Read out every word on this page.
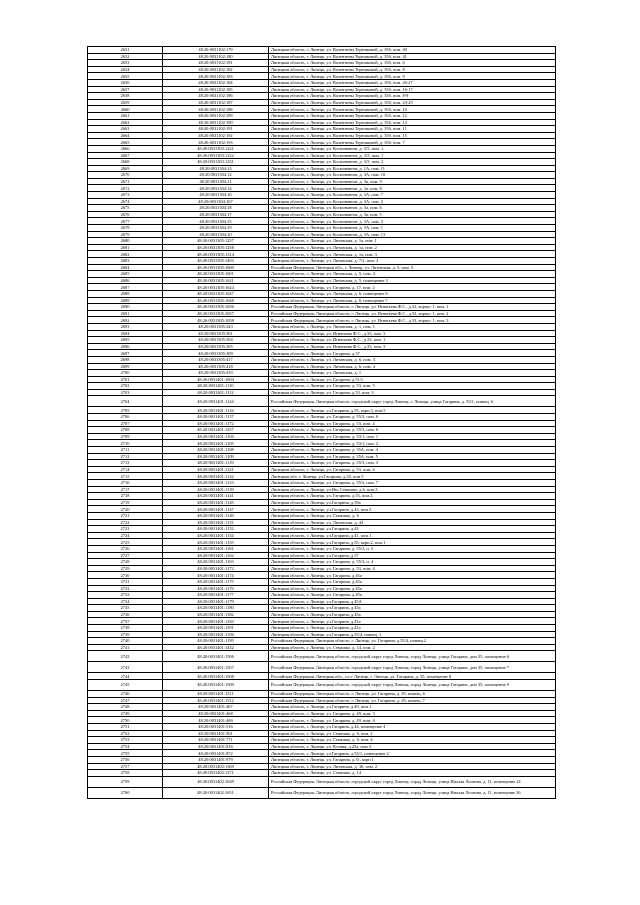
2651	48:20:0031102:179	Липецкая область, г. Липецк, ул. Валентины Терешковой, д. 35б, пом. 40
2652	48:20:0031102:180	Липецкая область, г. Липецк, ул. Валентины Терешковой, д. 35б, пом. 41
2653	48:20:0031102:181	Липецкая область, г. Липецк, ул. Валентины Терешковой, д. 35б, пом. 6
2654	48:20:0031102:182	Липецкая область, г. Липецк, ул. Валентины Терешковой, д. 35б, пом. 8
2655	48:20:0031102:183	Липецкая область, г. Липецк, ул. Валентины Терешковой, д. 35б, пом. 9
2656	48:20:0031102:184	Липецкая область, г. Липецк, ул. Валентины Терешковой, д. 35б, пом. 26-27
2657	48:20:0031102:185	Липецкая область, г. Липецк, ул. Валентины Терешковой, д. 35б, пом. 16-17
2658	48:20:0031102:186	Липецкая область, г. Липецк, ул. Валентины Терешковой, д. 35б, пом. 8-9
2659	48:20:0031102:187	Липецкая область, г. Липецк, ул. Валентины Терешковой, д. 35б, пом. 23-25
2660	48:20:0031102:188	Липецкая область, г. Липецк, ул. Валентины Терешковой, д. 35б, пом. 10
2661	48:20:0031102:189	Липецкая область, г. Липецк, ул. Валентины Терешковой, д. 35б, пом. 12
2662	48:20:0031102:190	Липецкая область, г. Липецк, ул. Валентины Терешковой, д. 35б, пом. 13
2663	48:20:0031102:191	Липецкая область, г. Липецк, ул. Валентины Терешковой, д. 35б, пом. 11
2664	48:20:0031102:192	Липецкая область, г. Липецк, ул. Валентины Терешковой, д. 35б, пом. 15
2665	48:20:0031102:193	Липецкая область, г. Липецк, ул. Валентины Терешковой, д. 35б, пом. 7
2666	48:20:0031303:1221	Липецкая область, г. Липецк, ул. Космонавтов, д. 3/5, пом. 1
2667	48:20:0031303:1222	Липецкая область, г. Липецк, ул. Космонавтов, д. 3/5, пом. 1
2668	48:20:0031303:1231	Липецкая область, г. Липецк, ул. Космонавтов, д. 3/5, пом. 2
2669	48:20:0031304:13	Липецкая область, г. Липецк, ул. Космонавтов, д. 1А, пом. 11
2670	48:20:0031304:12	Липецкая область, г. Липецк, ул. Космонавтов, д. 3А, пом. 10
2671	48:20:0031304:11	Липецкая область, г. Липецк, ул. Космонавтов, д. 3а, пом. 9
2672	48:20:0031304:14	Липецкая область, г. Липецк, ул. Космонавтов, д. 3а, пом. 8
2673	48:20:0031304:16	Липецкая область, г. Липецк, ул. Космонавтов, д. 3А, пом. 7
2674	48:20:0031304:167	Липецкая область, г. Липецк, ул. Космонавтов, д. 3А, пом. 2
2675	48:20:0031304:18	Липецкая область, г. Липецк, ул. Космонавтов, д. 3а, пом. 6
2676	48:20:0031304:17	Липецкая область, г. Липецк, ул. Космонавтов, д. 3а, пом. 5
2677	48:20:0031304:15	Липецкая область, г. Липецк, ул. Космонавтов, д. 3А, пом. 3
2678	48:20:0031304:19	Липецкая область, г. Липецк, ул. Космонавтов, д. 3А, пом. 1
2679	48:20:0031304:10	Липецкая область, г. Липецк, ул. Космонавтов, д. 3А, пом. 13
2680	48:20:0031305:1257	Липецкая область, г. Липецк, ул. Литовская, д. 1а, пом. 1
2681	48:20:0031305:1258	Липецкая область, г. Липецк, ул. Литовская, д. 1а, пом. 2
2682	48:20:0031305:1314	Липецкая область, г. Липецк, ул. Литовская, д. 1а, пом. 3
2683	48:20:0031305:1493	Липецкая область, г. Липецк, ул. Литовская, д. 7/2, пом. 2
2684	48:20:0031305:1600	Российская Федерация, Липецкая обл., г. Липецк, ул. Литовская, д. 5, пом. 5
2685	48:20:0031305:1601	Липецкая область, г. Липецк, ул. Литовская, д. 5, пом. 4
2686	48:20:0031305:1621	Липецкая область, г. Липецк, ул. Литовская, д. 5, помещение 3
2687	48:20:0031305:1624	Липецкая область, г. Липецк, ул. Гагарина, д. 17, пом. 2
2688	48:20:0031305:1647	Липецкая область, г. Липецк, ул. Литовская, д. 6, помещение 6
2689	48:20:0031305:1648	Липецкая область, г. Липецк, ул. Литовская, д. 6, помещение 7
2690	48:20:0031305:1656	Российская Федерация, Липецкая область, г. Липецк, ул. Игнатьева Ф.С., д.33, корпус 1, пом. 1
2691	48:20:0031305:1657	Российская Федерация, Липецкая область, г. Липецк, ул. Игнатьева Ф.С., д.33, корпус 1, пом. 2
2692	48:20:0031305:1658	Российская Федерация, Липецкая область, г. Липецк, ул. Игнатьева Ф.С., д.33, корпус 1, пом. 3
2693	48:20:0031305:243	Липецкая область, г. Липецк, ул. Литовская, д. 1, пом. 1
2694	48:20:0031305:301	Липецкая область, г. Липецк, ул. Игнатьева Ф.С., д.33, пом. 3
2695	48:20:0031305:304	Липецкая область, г. Липецк, ул. Игнатьева Ф.С., д.33, пом. 1
2696	48:20:0031305:305	Липецкая область, г. Липецк, ул. Игнатьева Ф.С., д.33, пом. 3
2697	48:20:0031305:309	Липецкая область, г. Липецк, ул. Гагарина, д.37
2698	48:20:0031305:417	Липецкая область, г. Липецк, ул. Литовская, д. 6, пом. 3
2699	48:20:0031305:418	Липецкая область, г. Липецк, ул. Литовская, д. 6, пом. 4
2700	48:20:0031305:419	Липецкая область, г. Липецк, ул. Литовская, д. 1
2701	48:20:0031401:1004	Липецкая область, г. Липецк, ул. Гагарина, д.51/1
2702	48:20:0031401:1110	Липецкая область, г. Липецк, ул. Гагарина, д. 53, пом. 5
2703	48:20:0031401:1112	Липецкая область, г. Липецк, ул. Гагарина, д.53, пом. 3
2704	48:20:0031401:1124	Российская Федерация, Липецкая область, городской округ город Липецк, г. Липецк, улица Гагарина, д. 55/1, помещ. 6
2705	48:20:0031401:1134	Липецкая область, г. Липецк, ул.Гагарина, д.55, корп.3, пом.5
2706	48:20:0031401:1157	Липецкая область, г. Липецк, ул. Гагарина, д. 55/3, пом. 6
2707	48:20:0031401:1172	Липецкая область, г. Липецк, ул. Гагарина, д. 53, пом. 4
2708	48:20:0031401:1257	Липецкая область, г. Липецк, ул. Гагарина, д. 55/3, пом. 6
2709	48:20:0031401:1104	Липецкая область, г. Липецк, ул. Гагарина, д. 53/1, пом. 1
2710	48:20:0031401:1105	Липецкая область, г. Липецк, ул. Гагарина, д. 53/1, пом. 2
2711	48:20:0031401:1108	Липецкая область, г. Липецк, ул. Гагарина, д. 35А, пом. 4
2712	48:20:0031401:1109	Липецкая область, г. Липецк, ул. Гагарина, д. 35А, пом. 5
2713	48:20:0031401:1119	Липецкая область, г. Липецк, ул. Гагарина, д. 55/3, пом. 3
2714	48:20:0031401:1121	Липецкая область, г. Липецк, ул. Гагарина, д. 53, пом. 4
2715	48:20:0031401:1122	Липецкая обл. г. Липецк, ул.Гагарина, д.35, пом.5
2716	48:20:0031401:1123	Липецкая область, г. Липецк, ул. Гагарина, д. 55/3, пом. 7
2717	48:20:0031401:1139	Липецкая область, г. Липецк, ул.Им. Семашко, д.6, пом.3
2718	48:20:0031401:1141	Липецкая область, г. Липецк, ул. Гагарина, д.53, пом.2
2719	48:20:0031401:1145	Липецкая область, г. Липецк, ул.Гагарина, д.59а
2720	48:20:0031401:1147	Липецкая область, г. Липецк, ул.Гагарина, д.43, пом.5
2721	48:20:0031401:1149	Липецкая область, г. Липецк, ул. Семашко, д. 6
2722	48:20:0031401:1151	Липецкая область, г. Липецк, ул. Литовская, д. 44
2723	48:20:0031401:1152	Липецкая область, г. Липецк, ул.Гагарина, д.43
2724	48:20:0031401:1154	Липецкая область, г. Липецк, ул.Гагарина, д.41, пом.1
2725	48:20:0031401:1155	Липецкая область, г. Липецк, ул.Гагарина, д.55, корп.2, пом.1
2726	48:20:0031401:1161	Липецкая область, г. Липецк, ул. Гагарина, д. 55/3, п. 5
2727	48:20:0031401:1162	Липецкая область, г. Липецк, ул.Гагарина, д.57
2728	48:20:0031401:1163	Липецкая область, г. Липецк, ул. Гагарина, д. 55/3, п. 4
2729	48:20:0031401:1172	Липецкая область, г. Липецк, ул. Гагарина, д. 53, пом. 4
2730	48:20:0031401:1174	Липецкая область, г. Липецк, ул. Гагарина, д.45а
2731	48:20:0031401:1175	Липецкая область, г. Липецк, ул. Гагарина, д.45а
2732	48:20:0031401:1176	Липецкая область, г. Липецк, ул. Гагарина, д.45а
2733	48:20:0031401:1177	Липецкая область, г. Липецк, ул. Гагарина, д.45а
2734	48:20:0031401:1179	Липецкая область, г. Липецк, ул.Гагарина, д.45А
2735	48:20:0031401:1180	Липецкая область, г. Липецк, ул.Гагарина, д.45а
2736	48:20:0031401:1182	Липецкая область, г. Липецк, ул.Гагарина, д.45а
2737	48:20:0031401:1183	Липецкая область, г. Липецк, ул.Гагарина, д.41а
2738	48:20:0031401:1191	Липецкая область, г. Липецк, ул.Гагарина, д.41а
2739	48:20:0031401:1194	Липецкая область, г. Липецк, ул.Гагарина, д.55/4, помещ. 1
2740	48:20:0031401:1195	Российская Федерация, Липецкая область, г. Липецк, ул. Гагарина, д.55/4, помещ.2
2741	48:20:0031401:1432	Липецкая область, г. Липецк, ул. Семашко, д. 14, пом. 2
2742	48:20:0031401:1506	Российская Федерация, Липецкая область, городской округ город Липецк, город Липецк, улица Гагарина, дом 35, помещение 6
2743	48:20:0031401:1507	Российская Федерация, Липецкая область, городской округ город Липецк, город Липецк, улица Гагарина, дом 35, помещение 7
2744	48:20:0031401:1508	Российская Федерация, Липецкая обл., г.о.г. Липецк, г. Липецк, ул. Гагарина, д. 35, помещение 8
2745	48:20:0031401:1509	Российская Федерация, Липецкая область, городской округ город Липецк, город Липецк, улица Гагарина, дом 35, помещение 9
2746	48:20:0031401:1511	Российская Федерация, Липецкая область, г. Липецк, ул. Гагарина, д. 45, помещ. 6
2747	48:20:0031401:1512	Российская Федерация, Липецкая область, г. Липецк, ул. Гагарина, д. 45, помещ. 7
2748	48:20:0031401:467	Липецкая область, г. Липецк, ул.Гагарина, д.49, пом.1
2749	48:20:0031401:468	Липецкая область, г. Липецк, ул. Гагарина, д. 49, пом. 3
2750	48:20:0031401:469	Липецкая область, г. Липецк, ул. Гагарина, д. 49, пом. 4
2751	48:20:0031401:516	Липецкая область, г. Липецк, ул.Гагарина, д.44, помещение 4
2752	48:20:0031401:561	Липецкая область, г. Липецк, ул. Семашко, д. 6, пом. 2
2753	48:20:0031401:771	Липецкая область, г. Липецк, ул. Семашко, д. 6, пом. 4
2754	48:20:0031401:816	Липецкая область, г. Липецк, ул. Ксения, д.25а, пом.3
2755	48:20:0031401:872	Липецкая область, г. Липецк, ул.Гагарина, д.53/1, помещение 2
2756	48:20:0031401:979	Липецкая область, г. Липецк, ул. Гагарина, д.51, корп.1
2757	48:20:0031402:1369	Липецкая область, г. Липецк, ул. Литовская, д. 36, пом. 2
2758	48:20:0031402:1371	Липецкая область, г. Липецк, ул. Семашко, д. 14
2759	48:20:0031402:1649	Российская Федерация, Липецкая область, городской округ город Липецк, город Липецк, улица Ниолая Логаина, д. 11, помещение 24
2760	48:20:0031402:1651	Российская Федерация, Липецкая область, городской округ город Липецк, город Липецк, улица Ниолая Логаина, д. 11, помещение 26
